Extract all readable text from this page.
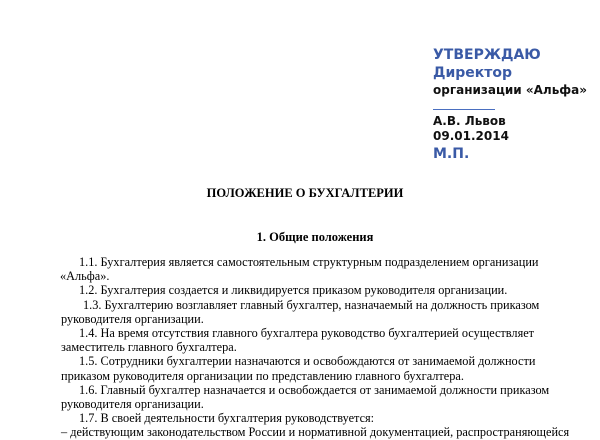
УТВЕРЖДАЮ
Директор
организации «Альфа»
А.В. Львов
09.01.2014
М.П.
ПОЛОЖЕНИЕ О БУХГАЛТЕРИИ
1. Общие положения
1.1. Бухгалтерия является самостоятельным структурным подразделением организации
«Альфа».
1.2. Бухгалтерия создается и ликвидируется приказом руководителя организации.
1.3. Бухгалтерию возглавляет главный бухгалтер, назначаемый на должность приказом
руководителя организации.
1.4. На время отсутствия главного бухгалтера руководство бухгалтерией осуществляет
заместитель главного бухгалтера.
1.5. Сотрудники бухгалтерии назначаются и освобождаются от занимаемой должности
приказом руководителя организации по представлению главного бухгалтера.
1.6. Главный бухгалтер назначается и освобождается от занимаемой должности приказом
руководителя организации.
1.7. В своей деятельности бухгалтерия руководствуется:
– действующим законодательством России и нормативной документацией, распространяющейся
